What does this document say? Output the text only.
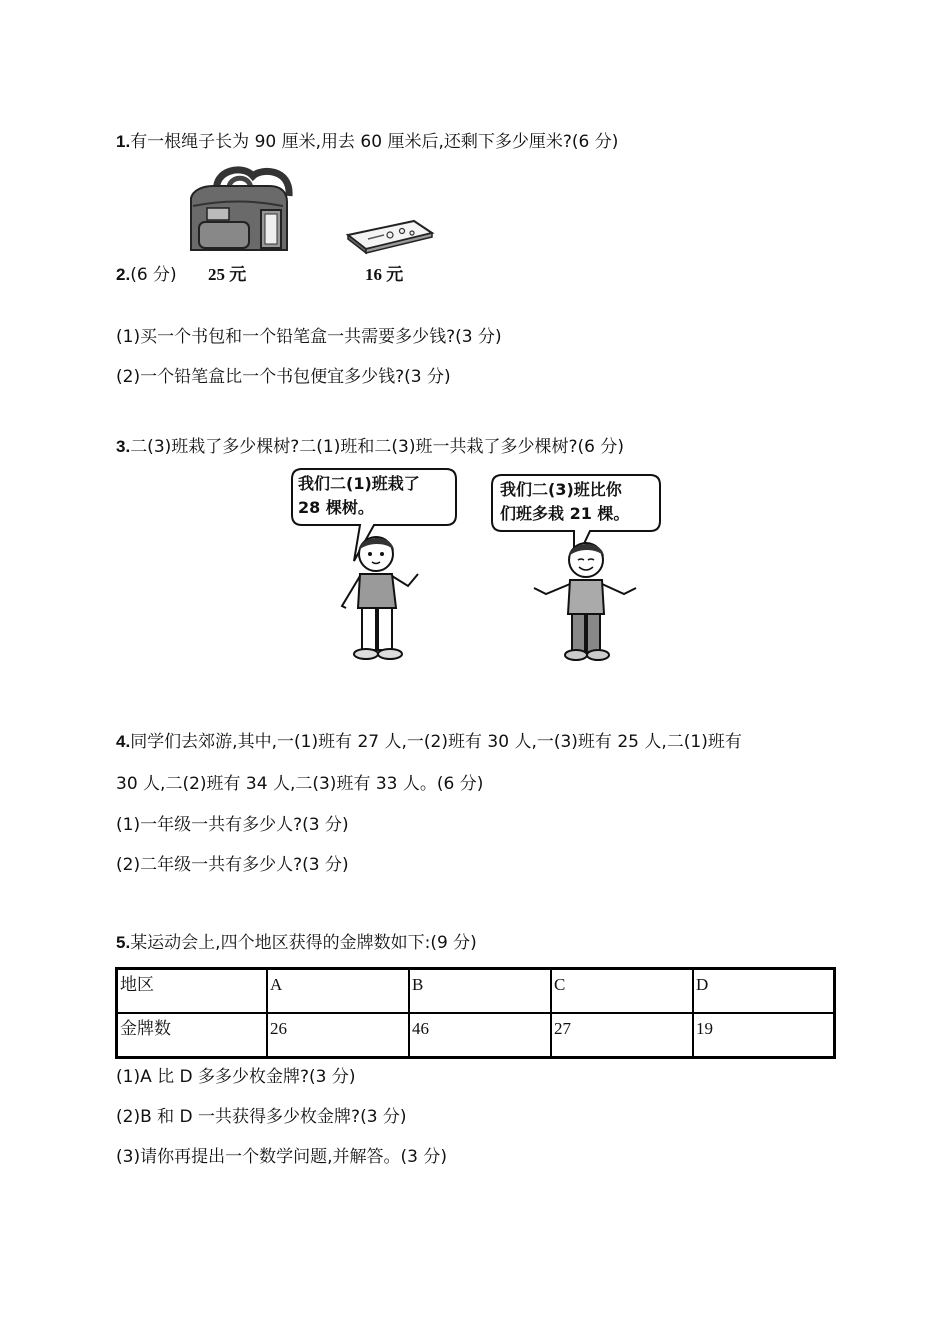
1.有一根绳子长为 90 厘米,用去 60 厘米后,还剩下多少厘米?(6 分)
25 元	16 元
2.(6 分)
(1)买一个书包和一个铅笔盒一共需要多少钱?(3 分)
(2)一个铅笔盒比一个书包便宜多少钱?(3 分)
3.二(3)班栽了多少棵树?二(1)班和二(3)班一共栽了多少棵树?(6 分)
我们二(1)班栽了
28 棵树。
我们二(3)班比你
们班多栽 21 棵。
4.同学们去郊游,其中,一(1)班有 27 人,一(2)班有 30 人,一(3)班有 25 人,二(1)班有
30 人,二(2)班有 34 人,二(3)班有 33 人。(6 分)
(1)一年级一共有多少人?(3 分)
(2)二年级一共有多少人?(3 分)
5.某运动会上,四个地区获得的金牌数如下:(9 分)
地区	A	B	C	D
金牌数	26	46	27	19
(1)A 比 D 多多少枚金牌?(3 分)
(2)B 和 D 一共获得多少枚金牌?(3 分)
(3)请你再提出一个数学问题,并解答。(3 分)
